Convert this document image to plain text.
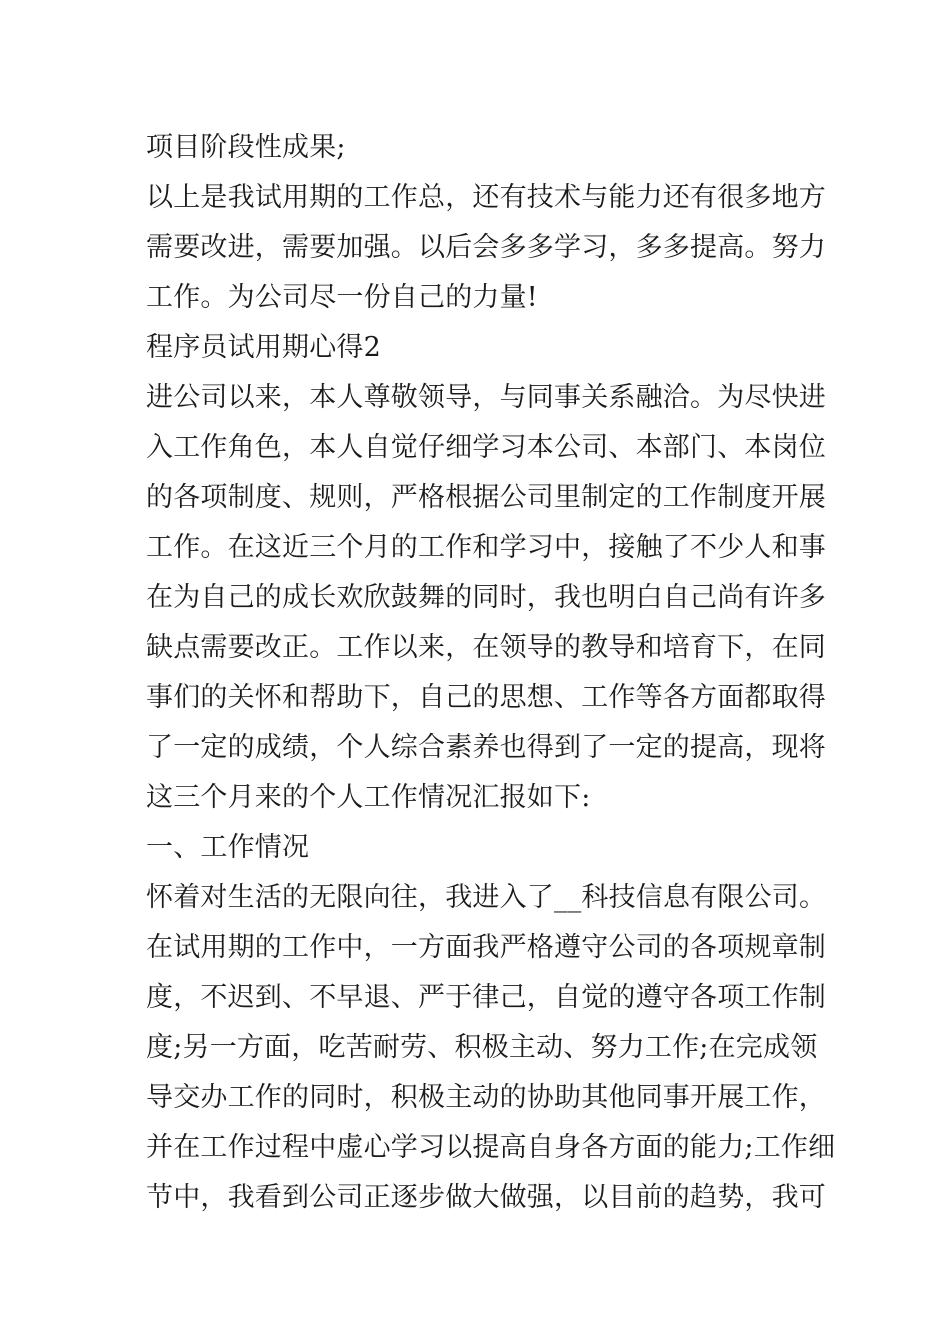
项目阶段性成果;
以上是我试用期的工作总，还有技术与能力还有很多地方
需要改进，需要加强。以后会多多学习，多多提高。努力
工作。为公司尽一份自己的力量!
程序员试用期心得2
进公司以来，本人尊敬领导，与同事关系融洽。为尽快进
入工作角色，本人自觉仔细学习本公司、本部门、本岗位
的各项制度、规则，严格根据公司里制定的工作制度开展
工作。在这近三个月的工作和学习中，接触了不少人和事
在为自己的成长欢欣鼓舞的同时，我也明白自己尚有许多
缺点需要改正。工作以来，在领导的教导和培育下，在同
事们的关怀和帮助下，自己的思想、工作等各方面都取得
了一定的成绩，个人综合素养也得到了一定的提高，现将
这三个月来的个人工作情况汇报如下:
一、工作情况
怀着对生活的无限向往，我进入了__科技信息有限公司。
在试用期的工作中，一方面我严格遵守公司的各项规章制
度，不迟到、不早退、严于律己，自觉的遵守各项工作制
度;另一方面，吃苦耐劳、积极主动、努力工作;在完成领
导交办工作的同时，积极主动的协助其他同事开展工作，
并在工作过程中虚心学习以提高自身各方面的能力;工作细
节中，我看到公司正逐步做大做强，以目前的趋势，我可
